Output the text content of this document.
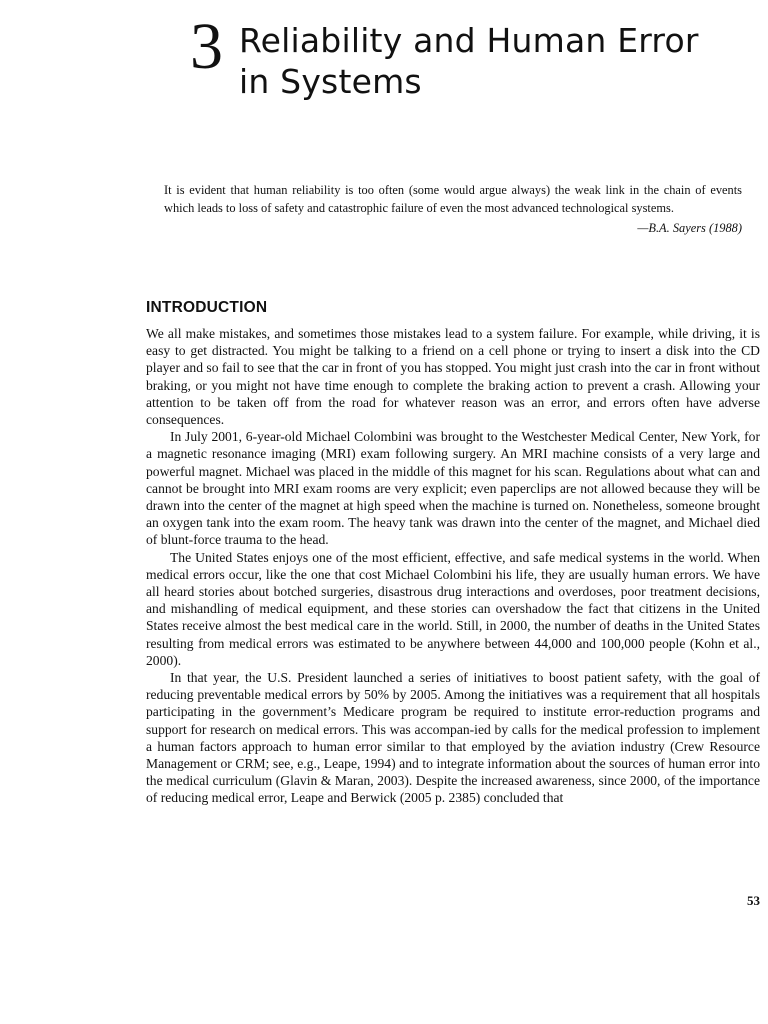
3 Reliability and Human Error
in Systems

It is evident that human reliability is too often (some would argue always) the weak link in the chain of events which leads to loss of safety and catastrophic failure of even the most advanced technological systems.

—B.A. Sayers (1988)

INTRODUCTION

We all make mistakes, and sometimes those mistakes lead to a system failure. For example, while driving, it is easy to get distracted. You might be talking to a friend on a cell phone or trying to insert a disk into the CD player and so fail to see that the car in front of you has stopped. You might just crash into the car in front without braking, or you might not have time enough to complete the braking action to prevent a crash. Allowing your attention to be taken off from the road for whatever reason was an error, and errors often have adverse consequences.

In July 2001, 6-year-old Michael Colombini was brought to the Westchester Medical Center, New York, for a magnetic resonance imaging (MRI) exam following surgery. An MRI machine consists of a very large and powerful magnet. Michael was placed in the middle of this magnet for his scan. Regulations about what can and cannot be brought into MRI exam rooms are very explicit; even paperclips are not allowed because they will be drawn into the center of the magnet at high speed when the machine is turned on. Nonetheless, someone brought an oxygen tank into the exam room. The heavy tank was drawn into the center of the magnet, and Michael died of blunt-force trauma to the head.

The United States enjoys one of the most efficient, effective, and safe medical systems in the world. When medical errors occur, like the one that cost Michael Colombini his life, they are usually human errors. We have all heard stories about botched surgeries, disastrous drug interactions and overdoses, poor treatment decisions, and mishandling of medical equipment, and these stories can overshadow the fact that citizens in the United States receive almost the best medical care in the world. Still, in 2000, the number of deaths in the United States resulting from medical errors was estimated to be anywhere between 44,000 and 100,000 people (Kohn et al., 2000).

In that year, the U.S. President launched a series of initiatives to boost patient safety, with the goal of reducing preventable medical errors by 50% by 2005. Among the initiatives was a requirement that all hospitals participating in the government’s Medicare program be required to institute error-reduction programs and support for research on medical errors. This was accompan-ied by calls for the medical profession to implement a human factors approach to human error similar to that employed by the aviation industry (Crew Resource Management or CRM; see, e.g., Leape, 1994) and to integrate information about the sources of human error into the medical curriculum (Glavin & Maran, 2003). Despite the increased awareness, since 2000, of the importance of reducing medical error, Leape and Berwick (2005 p. 2385) concluded that

53
